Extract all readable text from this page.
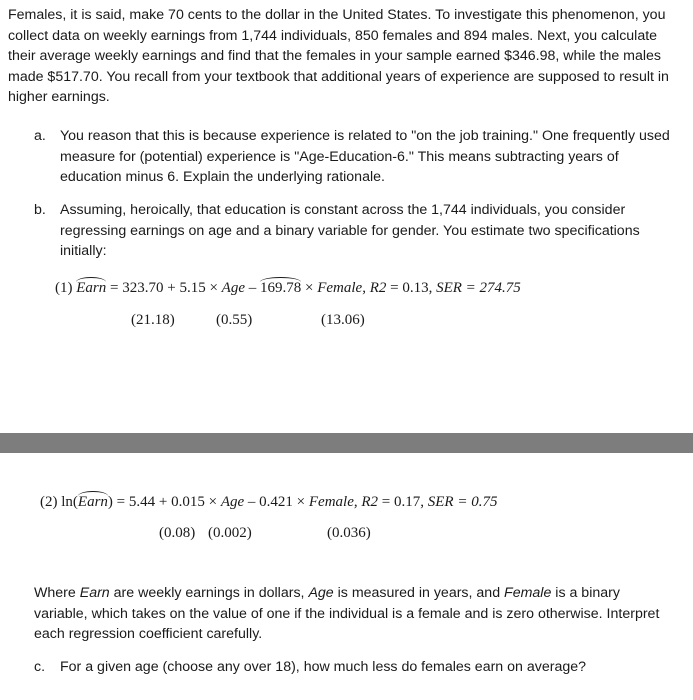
Females, it is said, make 70 cents to the dollar in the United States. To investigate this phenomenon, you collect data on weekly earnings from 1,744 individuals, 850 females and 894 males. Next, you calculate their average weekly earnings and find that the females in your sample earned $346.98, while the males made $517.70. You recall from your textbook that additional years of experience are supposed to result in higher earnings.
a. You reason that this is because experience is related to "on the job training." One frequently used measure for (potential) experience is "Age-Education-6." This means subtracting years of education minus 6. Explain the underlying rationale.
b. Assuming, heroically, that education is constant across the 1,744 individuals, you consider regressing earnings on age and a binary variable for gender. You estimate two specifications initially:
(1) Earn = 323.70 + 5.15 × Age – 169.78 × Female, R2 = 0.13, SER = 274.75
(21.18)	(0.55)	(13.06)
(2) ln(Earn) = 5.44 + 0.015 × Age – 0.421 × Female, R2 = 0.17, SER = 0.75
(0.08) (0.002)	(0.036)
Where Earn are weekly earnings in dollars, Age is measured in years, and Female is a binary variable, which takes on the value of one if the individual is a female and is zero otherwise. Interpret each regression coefficient carefully.
c. For a given age (choose any over 18), how much less do females earn on average?
